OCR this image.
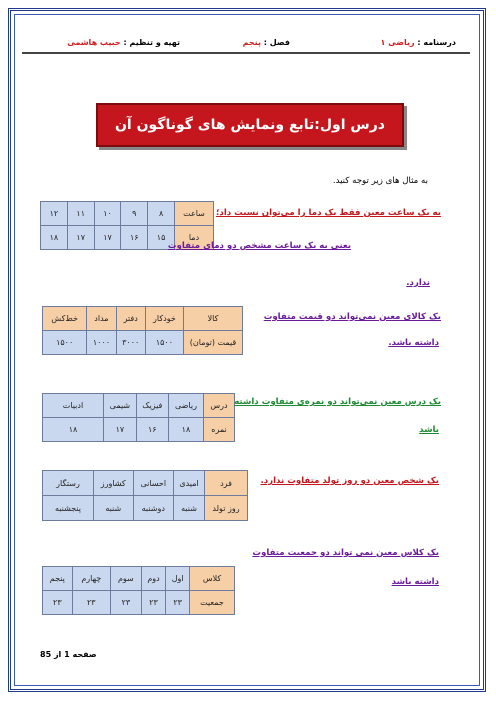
درسنامه : ریاضی ۱
فصل : پنجم
تهیه و تنظیم : حبیب هاشمی
درس اول:تابع ونمایش های گوناگون آن
به مثال های زیر توجه کنید.
ساعت	۸	۹	۱۰	۱۱	۱۲
دما	۱۵	۱۶	۱۷	۱۷	۱۸
به یک ساعت معین فقط یک دما را می‌توان نسبت داد؛
یعنی به یک ساعت مشخص دو دمای متفاوت
ندارد.
کالا	خودکار	دفتر	مداد	خط‌کش
قیمت (تومان)	۱۵۰۰	۳۰۰۰	۱۰۰۰	۱۵۰۰
یک کالای معین نمی‌تواند دو قیمت متفاوت
داشته باشد.
درس	ریاضی	فیزیک	شیمی	ادبیات
نمره	۱۸	۱۶	۱۷	۱۸
یک درس معین نمی‌تواند دو نمره‌ی متفاوت داشته
باشد
فرد	امیدی	احسانی	کشاورز	رستگار
روز تولد	شنبه	دوشنبه	شنبه	پنجشنبه
یک شخص معین دو روز تولد متفاوت ندارد.
کلاس	اول	دوم	سوم	چهارم	پنجم
جمعیت	۲۳	۲۳	۲۳	۲۳	۲۳
یک کلاس معین نمی تواند دو جمعیت متفاوت
داشته باشد
صفحه 1 از 85
